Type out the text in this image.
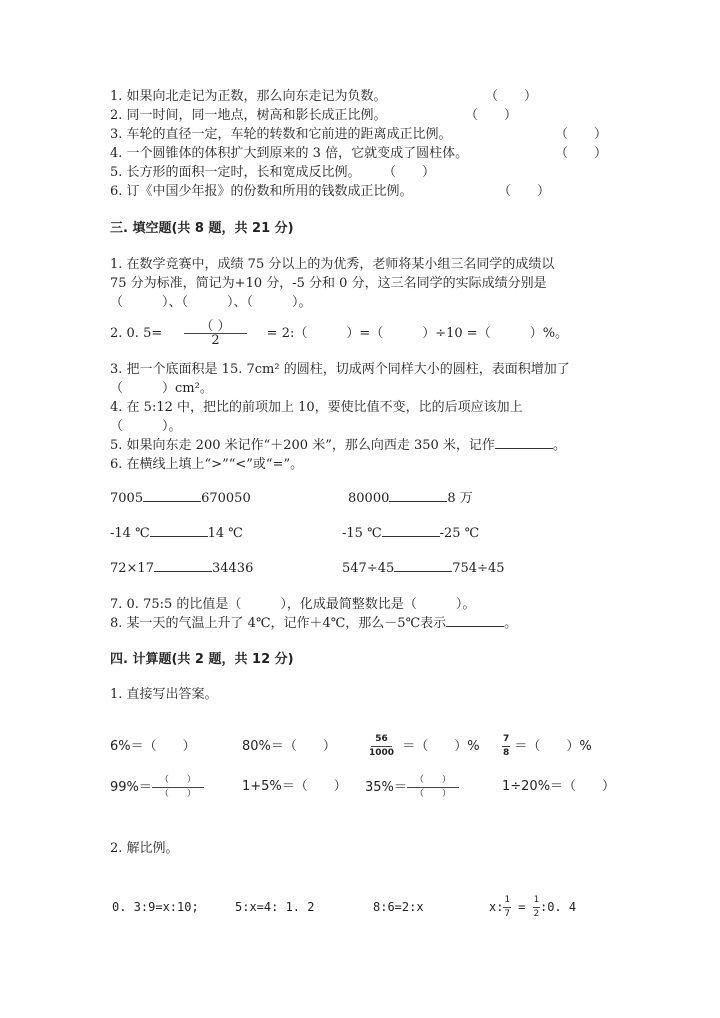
1. 如果向北走记为正数，那么向东走记为负数。	（　　）
2. 同一时间，同一地点，树高和影长成正比例。	（　　）
3. 车轮的直径一定，车轮的转数和它前进的距离成正比例。	（　　）
4. 一个圆锥体的体积扩大到原来的 3 倍，它就变成了圆柱体。	（　　）
5. 长方形的面积一定时，长和宽成反比例。 （　　）
6. 订《中国少年报》的份数和所用的钱数成正比例。	（　　）
三. 填空题(共 8 题，共 21 分)
1. 在数学竞赛中，成绩 75 分以上的为优秀，老师将某小组三名同学的成绩以
75 分为标准，简记为+10 分，-5 分和 0 分，这三名同学的实际成绩分别是
（　　　）、（　　　）、（　　　）。
2. 0. $5= \frac{( )}{2}$ = 2:（　　　）=（　　　）÷10 =（　　　）%。
3. 把一个底面积是 15. 7cm² 的圆柱，切成两个同样大小的圆柱，表面积增加了
（　　　）cm²。
4. 在 5:12 中，把比的前项加上 10，要使比值不变，比的后项应该加上
（　　　）。
5. 如果向东走 200 米记作“＋200 米”，那么向西走 350 米，记作	。
6. 在横线上填上“>”“<”或“=”。
7005	670050	80000	8 万
-14 ℃	14 ℃	-15 ℃	-25 ℃
72×17	34436	547÷45	754÷45
7. 0. 75:5 的比值是（　　　），化成最简整数比是（　　　）。
8. 某一天的气温上升了 4℃，记作＋4℃，那么－5℃表示	。
四. 计算题(共 2 题，共 12 分)
1. 直接写出答案。
6%＝（　　）	80%＝（　　）	$\frac{56}{1000}$ ＝（　　）% $\frac{7}{8}$ ＝（　　）%
$99\%= \frac{( )}{( )}$	1+5%＝（　　） $35\%= \frac{( )}{( )}$	1÷20%＝（　　）
2. 解比例。
0. 3:9=x:10;	5:x=4: 1. 2	8:6=2:x	x: $\frac{1}{7} = \frac{1}{2}$ :0. 4
